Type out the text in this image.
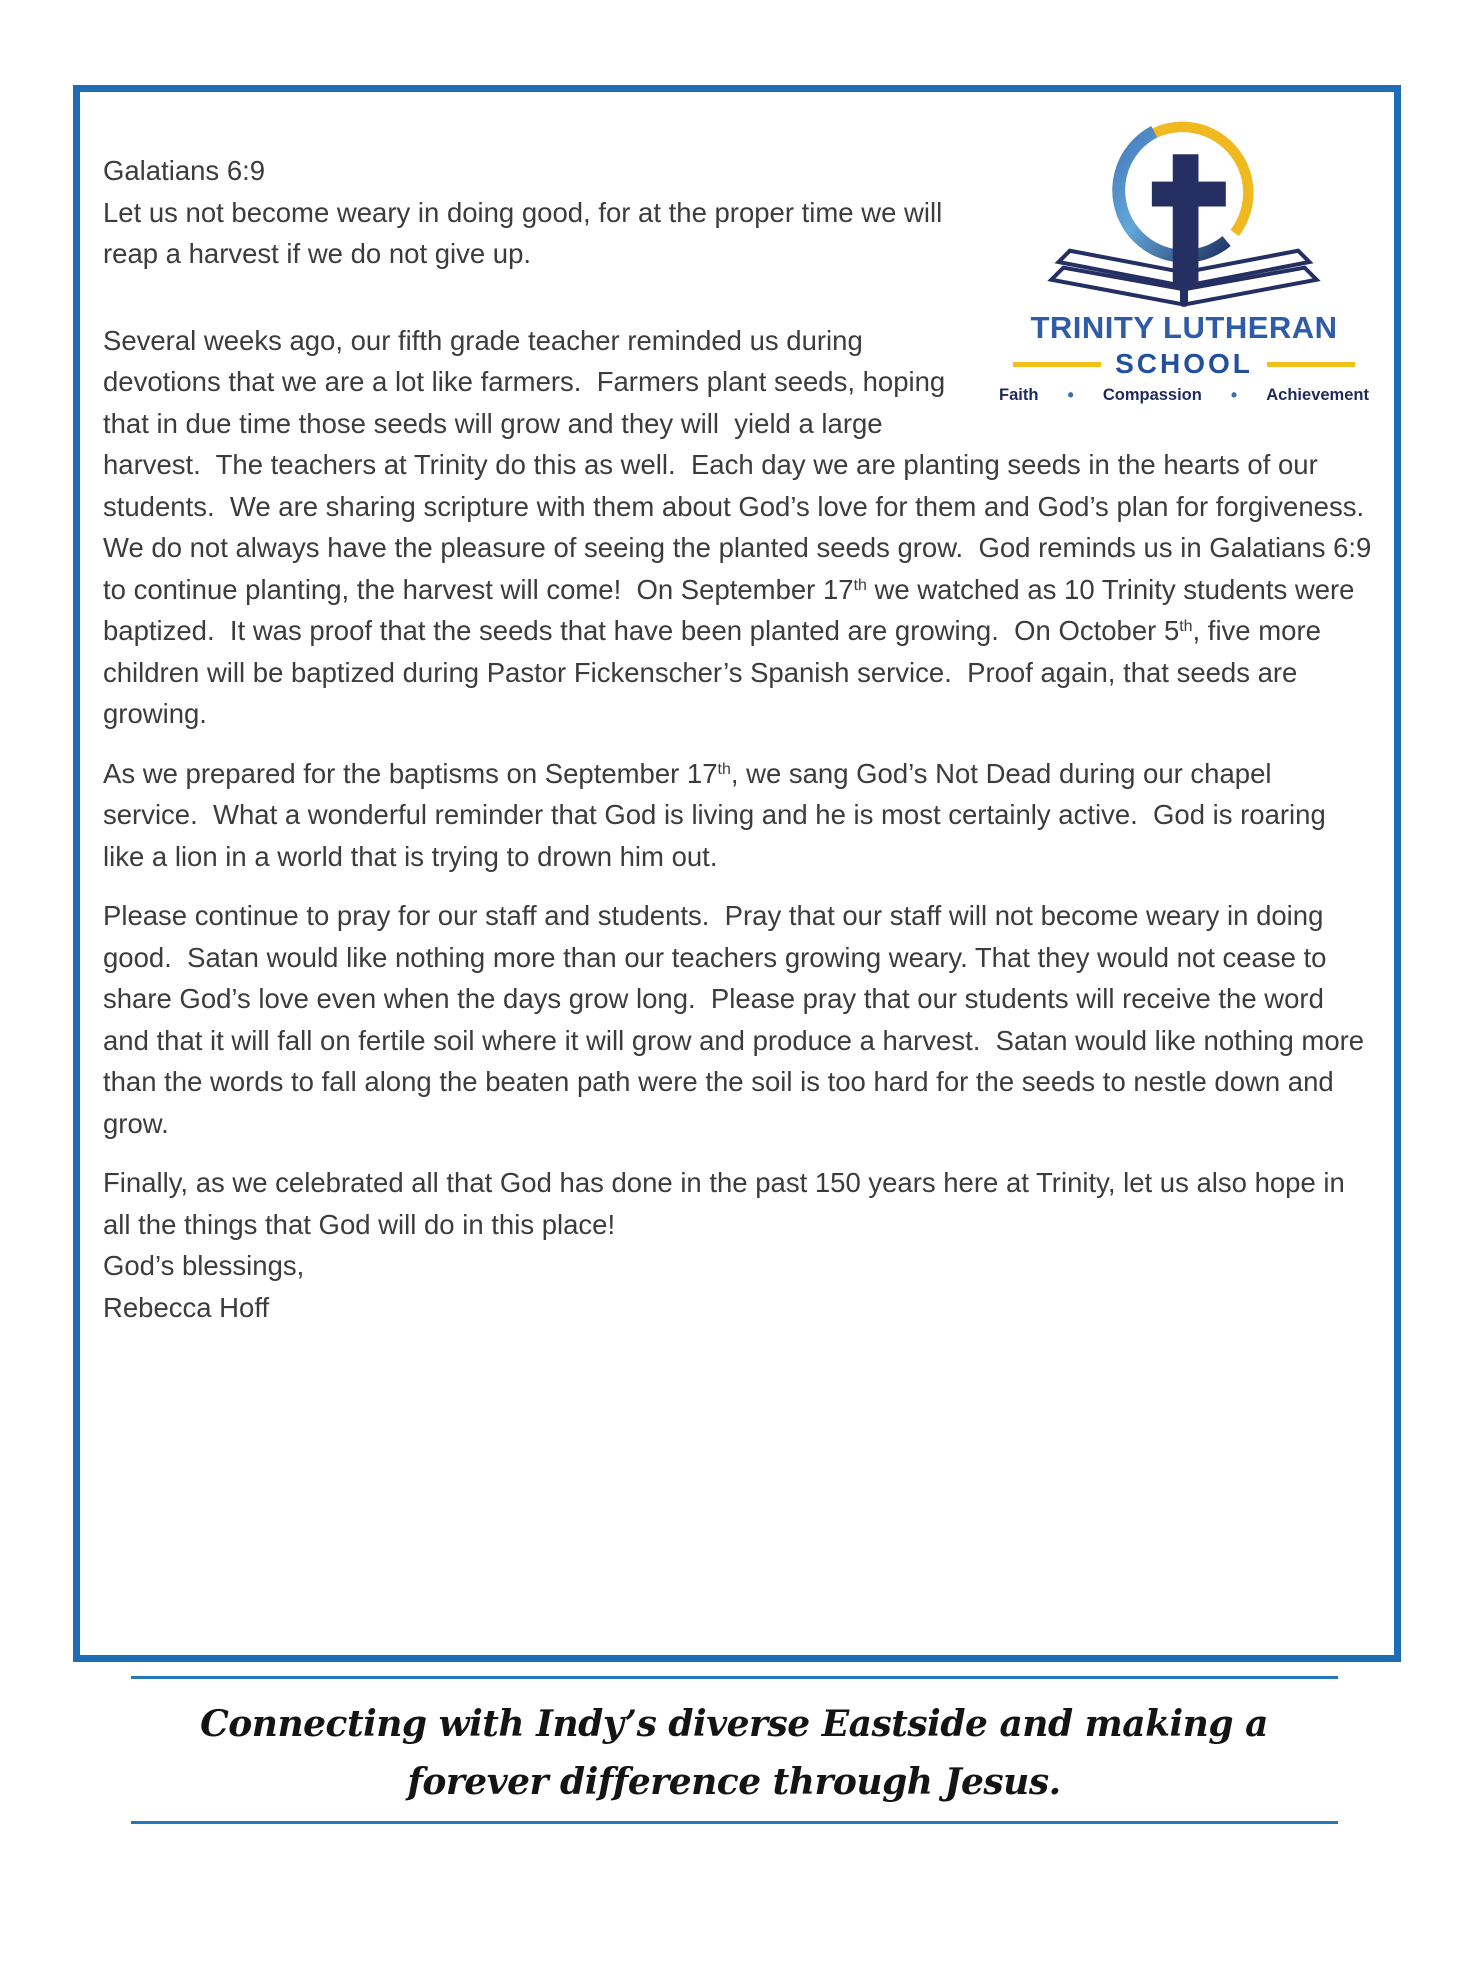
TRINITY LUTHERAN
SCHOOL
Faith • Compassion • Achievement

Galatians 6:9

Let us not become weary in doing good, for at the proper time we will reap a harvest if we do not give up.

Several weeks ago, our fifth grade teacher reminded us during devotions that we are a lot like farmers.  Farmers plant seeds, hoping that in due time those seeds will grow and they will  yield a large harvest.  The teachers at Trinity do this as well.  Each day we are planting seeds in the hearts of our students.  We are sharing scripture with them about God’s love for them and God’s plan for forgiveness.  We do not always have the pleasure of seeing the planted seeds grow.  God reminds us in Galatians 6:9 to continue planting, the harvest will come!  On September 17th we watched as 10 Trinity students were baptized.  It was proof that the seeds that have been planted are growing.  On October 5th, five more children will be baptized during Pastor Fickenscher’s Spanish service.  Proof again, that seeds are growing.

As we prepared for the baptisms on September 17th, we sang God’s Not Dead during our chapel service.  What a wonderful reminder that God is living and he is most certainly active.  God is roaring like a lion in a world that is trying to drown him out.

Please continue to pray for our staff and students.  Pray that our staff will not become weary in doing good.  Satan would like nothing more than our teachers growing weary. That they would not cease to share God’s love even when the days grow long.  Please pray that our students will receive the word and that it will fall on fertile soil where it will grow and produce a harvest.  Satan would like nothing more than the words to fall along the beaten path were the soil is too hard for the seeds to nestle down and grow.

Finally, as we celebrated all that God has done in the past 150 years here at Trinity, let us also hope in all the things that God will do in this place!

God’s blessings,

Rebecca Hoff

Connecting with Indy’s diverse Eastside and making a

forever difference through Jesus.
